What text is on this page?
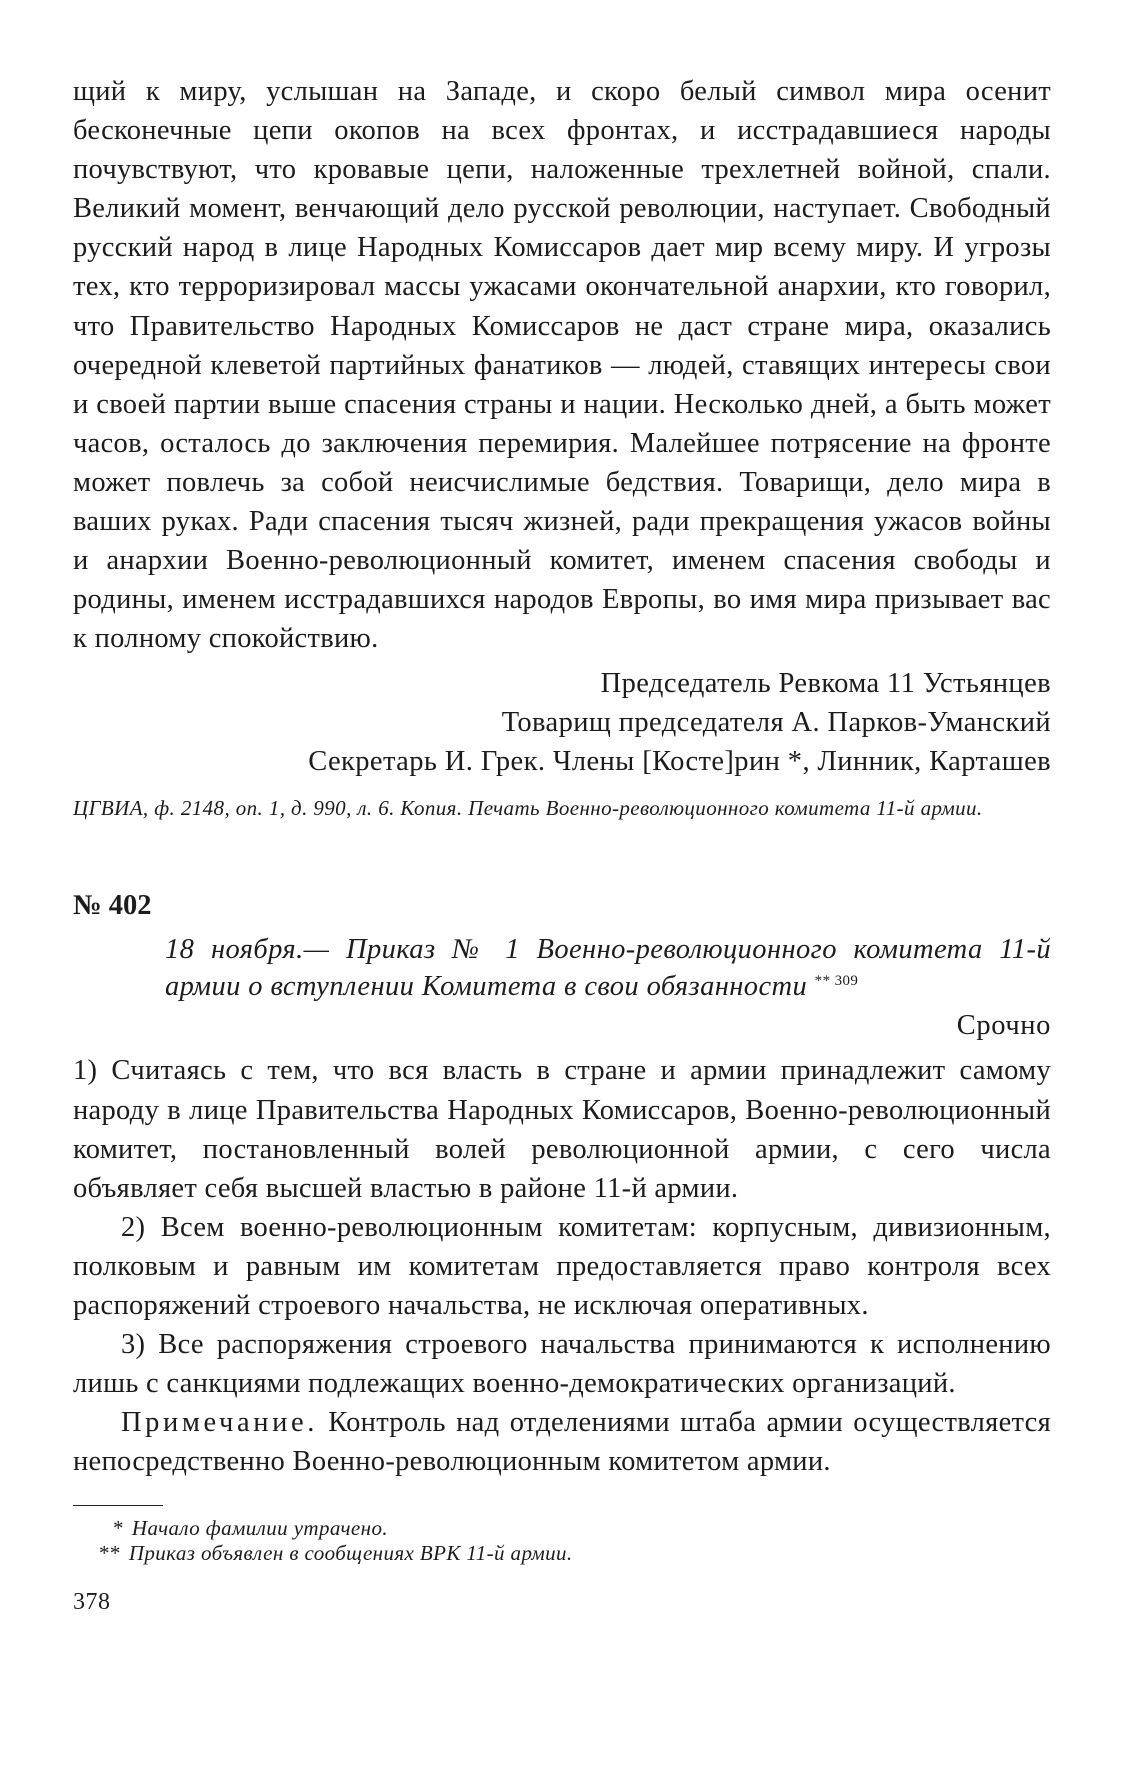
щий к миру, услышан на Западе, и скоро белый символ мира осенит бесконечные цепи окопов на всех фронтах, и исстрадавшиеся народы почувствуют, что кровавые цепи, наложенные трехлетней войной, спали. Великий момент, венчающий дело русской революции, наступает. Свободный русский народ в лице Народных Комиссаров дает мир всему миру. И угрозы тех, кто терроризировал массы ужасами окончательной анархии, кто говорил, что Правительство Народных Комиссаров не даст стране мира, оказались очередной клеветой партийных фанатиков — людей, ставящих интересы свои и своей партии выше спасения страны и нации. Несколько дней, а быть может часов, осталось до заключения перемирия. Малейшее потрясение на фронте может повлечь за собой неисчислимые бедствия. Товарищи, дело мира в ваших руках. Ради спасения тысяч жизней, ради прекращения ужасов войны и анархии Военно-революционный комитет, именем спасения свободы и родины, именем исстрадавшихся народов Европы, во имя мира призывает вас к полному спокойствию.

Председатель Ревкома 11 Устьянцев

Товарищ председателя А. Парков-Уманский

Секретарь И. Грек. Члены [Косте]рин *, Линник, Карташев

ЦГВИА, ф. 2148, оп. 1, д. 990, л. 6. Копия. Печать Военно-революционного комитета 11-й армии.

№ 402

18 ноября.— Приказ № 1 Военно-революционного комитета 11-й армии о вступлении Комитета в свои обязанности $^{** 309}$

Срочно

1) Считаясь с тем, что вся власть в стране и армии принадлежит самому народу в лице Правительства Народных Комиссаров, Военно-революционный комитет, постановленный волей революционной армии, с сего числа объявляет себя высшей властью в районе 11-й армии.

2) Всем военно-революционным комитетам: корпусным, дивизионным, полковым и равным им комитетам предоставляется право контроля всех распоряжений строевого начальства, не исключая оперативных.

3) Все распоряжения строевого начальства принимаются к исполнению лишь с санкциями подлежащих военно-демократических организаций.

Примечание. Контроль над отделениями штаба армии осуществляется непосредственно Военно-революционным комитетом армии.

* Начало фамилии утрачено.

** Приказ объявлен в сообщениях ВРК 11-й армии.

378
